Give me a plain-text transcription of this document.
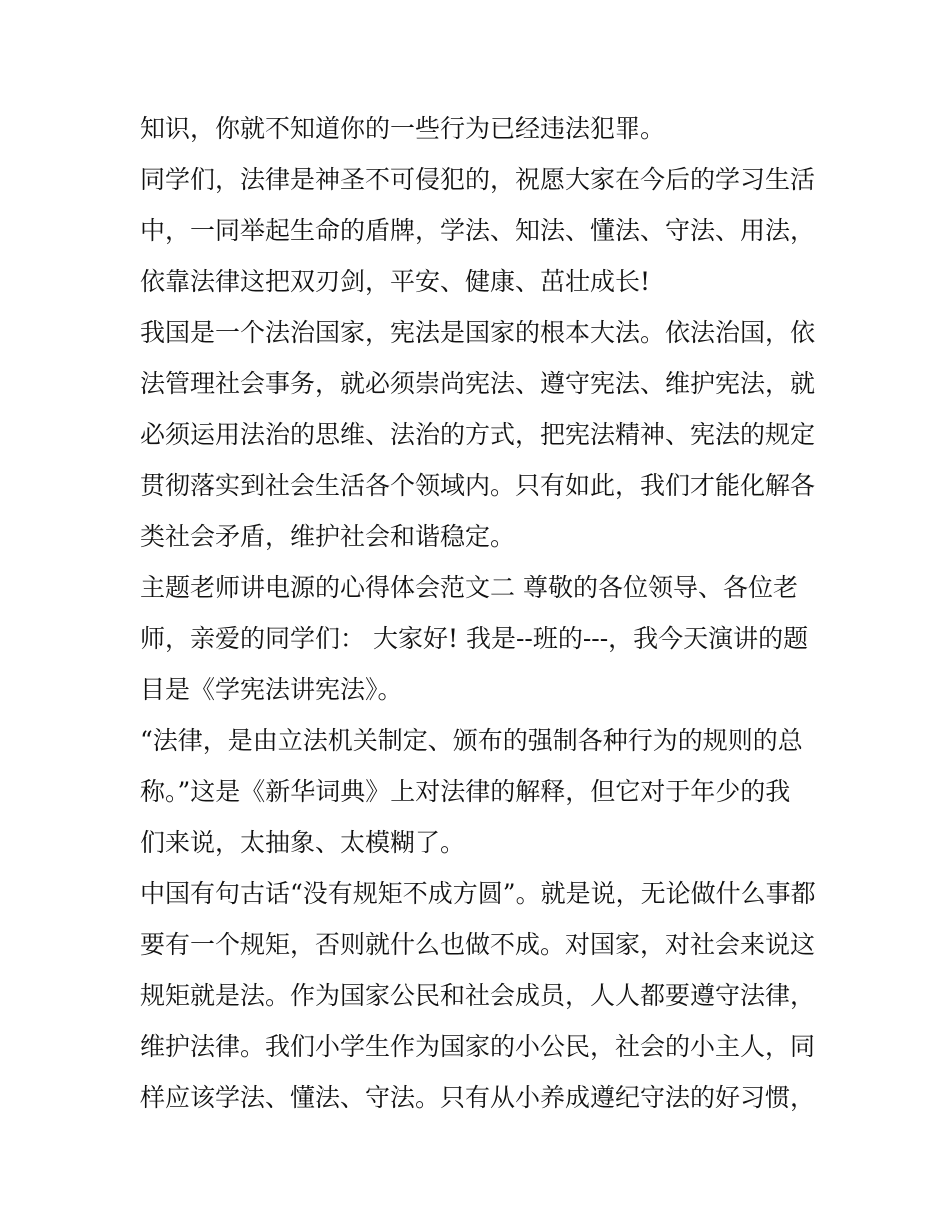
知识，你就不知道你的一些行为已经违法犯罪。
同学们，法律是神圣不可侵犯的，祝愿大家在今后的学习生活
中，一同举起生命的盾牌，学法、知法、懂法、守法、用法，
依靠法律这把双刃剑，平安、健康、茁壮成长!
我国是一个法治国家，宪法是国家的根本大法。依法治国，依
法管理社会事务，就必须崇尚宪法、遵守宪法、维护宪法，就
必须运用法治的思维、法治的方式，把宪法精神、宪法的规定
贯彻落实到社会生活各个领域内。只有如此，我们才能化解各
类社会矛盾，维护社会和谐稳定。
主题老师讲电源的心得体会范文二 尊敬的各位领导、各位老
师，亲爱的同学们： 大家好! 我是--班的---，我今天演讲的题
目是《学宪法讲宪法》。
“法律，是由立法机关制定、颁布的强制各种行为的规则的总
称。”这是《新华词典》上对法律的解释，但它对于年少的我
们来说，太抽象、太模糊了。
中国有句古话“没有规矩不成方圆”。就是说，无论做什么事都
要有一个规矩，否则就什么也做不成。对国家，对社会来说这
规矩就是法。作为国家公民和社会成员，人人都要遵守法律，
维护法律。我们小学生作为国家的小公民，社会的小主人，同
样应该学法、懂法、守法。只有从小养成遵纪守法的好习惯，
